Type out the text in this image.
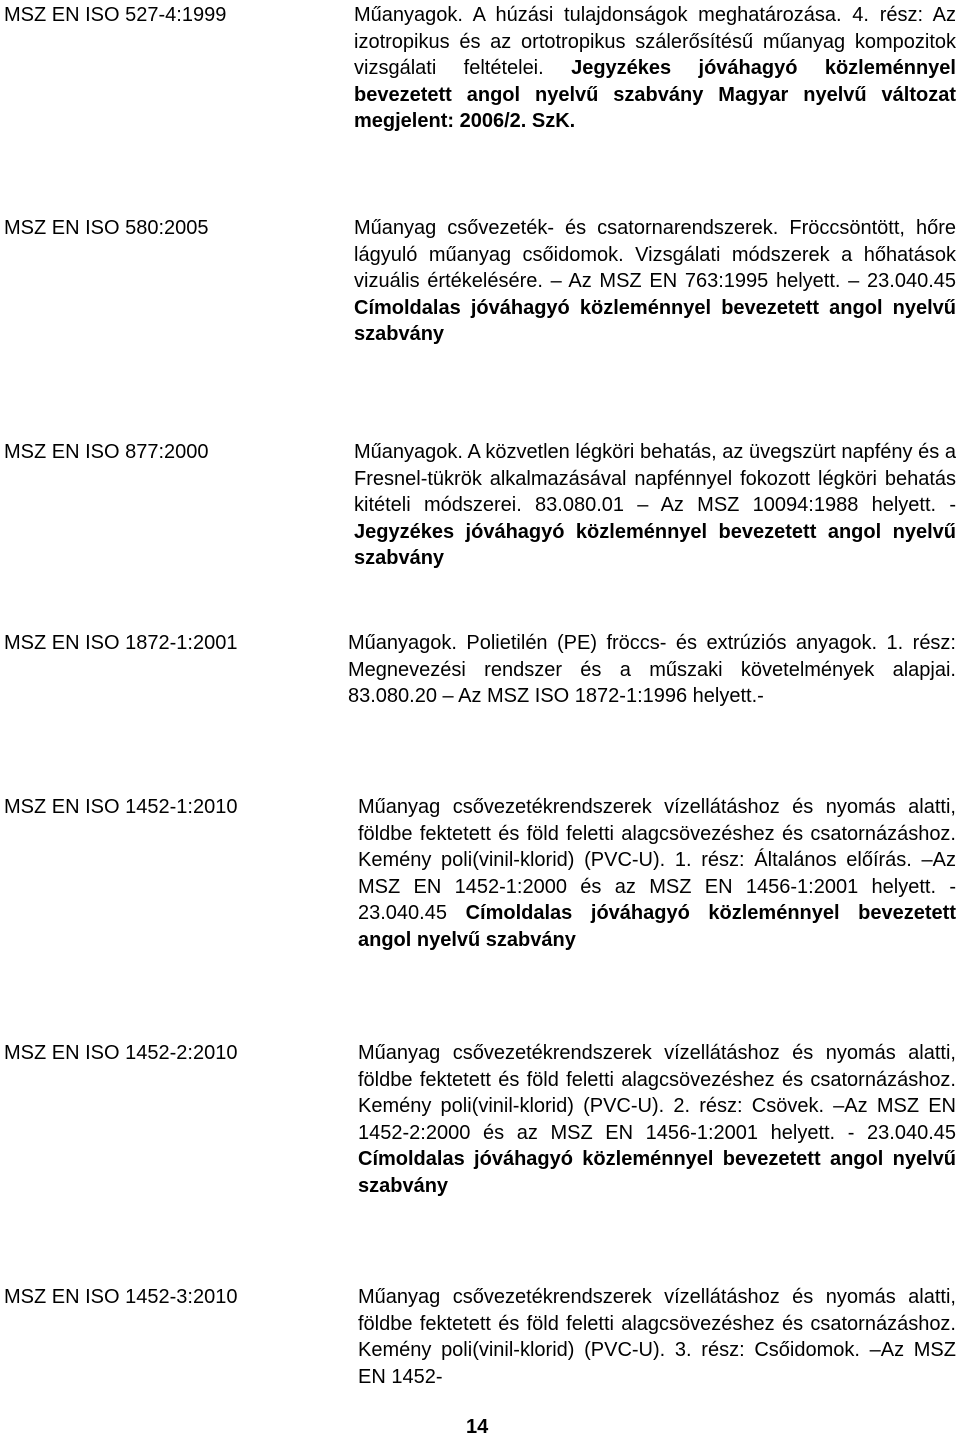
MSZ EN ISO 527-4:1999	Műanyagok. A húzási tulajdonságok meghatározása. 4. rész: Az izotropikus és az ortotropikus szálerősítésű műanyag kompozitok vizsgálati feltételei. Jegyzékes jóváhagyó közleménnyel bevezetett angol nyelvű szabvány Magyar nyelvű változat megjelent: 2006/2. SzK.
MSZ EN ISO 580:2005	Műanyag csővezeték- és csatornarendszerek. Fröccsöntött, hőre lágyuló műanyag csőidomok. Vizsgálati módszerek a hőhatások vizuális értékelésére. – Az MSZ EN 763:1995 helyett. – 23.040.45 Címoldalas jóváhagyó közleménnyel bevezetett angol nyelvű szabvány
MSZ EN ISO 877:2000	Műanyagok. A közvetlen légköri behatás, az üvegszürt napfény és a Fresnel-tükrök alkalmazásával napfénnyel fokozott légköri behatás kitételi módszerei. 83.080.01 – Az MSZ 10094:1988 helyett. - Jegyzékes jóváhagyó közleménnyel bevezetett angol nyelvű szabvány
MSZ EN ISO 1872-1:2001	Műanyagok. Polietilén (PE) fröccs- és extrúziós anyagok. 1. rész: Megnevezési rendszer és a műszaki követelmények alapjai. 83.080.20 – Az MSZ ISO 1872-1:1996 helyett.-
MSZ EN ISO 1452-1:2010	Műanyag csővezetékrendszerek vízellátáshoz és nyomás alatti, földbe fektetett és föld feletti alagcsövezéshez és csatornázáshoz. Kemény poli(vinil-klorid) (PVC-U). 1. rész: Általános előírás. –Az MSZ EN 1452-1:2000 és az MSZ EN 1456-1:2001 helyett. - 23.040.45 Címoldalas jóváhagyó közleménnyel bevezetett angol nyelvű szabvány
MSZ EN ISO 1452-2:2010	Műanyag csővezetékrendszerek vízellátáshoz és nyomás alatti, földbe fektetett és föld feletti alagcsövezéshez és csatornázáshoz. Kemény poli(vinil-klorid) (PVC-U). 2. rész: Csövek. –Az MSZ EN 1452-2:2000 és az MSZ EN 1456-1:2001 helyett. - 23.040.45 Címoldalas jóváhagyó közleménnyel bevezetett angol nyelvű szabvány
MSZ EN ISO 1452-3:2010	Műanyag csővezetékrendszerek vízellátáshoz és nyomás alatti, földbe fektetett és föld feletti alagcsövezéshez és csatornázáshoz. Kemény poli(vinil-klorid) (PVC-U). 3. rész: Csőidomok. –Az MSZ EN 1452-
14
